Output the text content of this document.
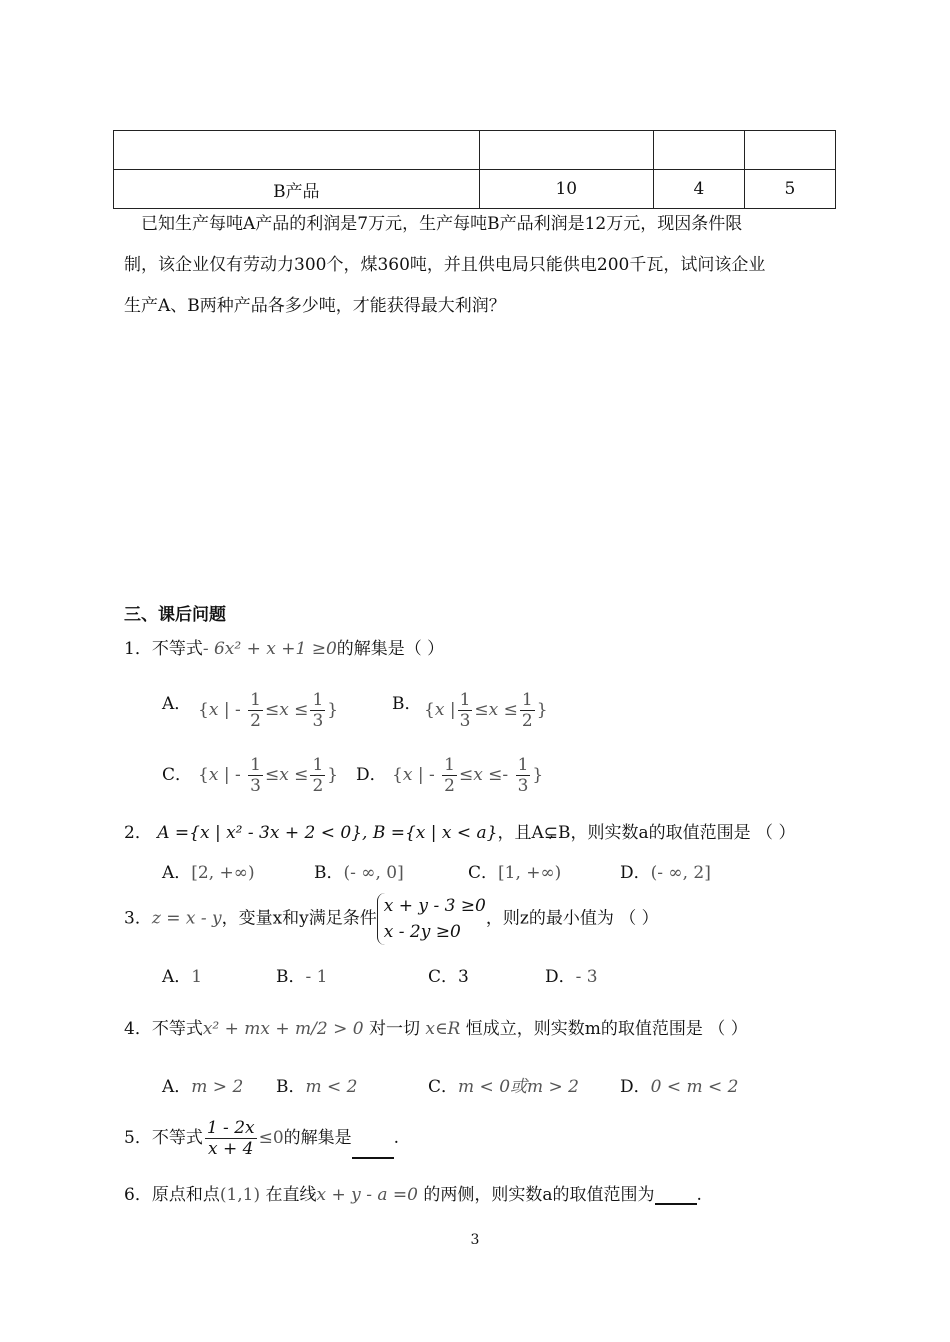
B产品	10	4	5

已知生产每吨A产品的利润是7万元，生产每吨B产品利润是12万元，现因条件限

制，该企业仅有劳动力300个，煤360吨，并且供电局只能供电200千瓦，试问该企业

生产A、B两种产品各多少吨，才能获得最大利润？

三、课后问题
1．不等式- 6x² + x +1 ≥0的解集是（ ）
A． {x | - $\frac{1}{2} \le x \le \frac{1}{3}$ }	B． {x | $\frac{1}{3} \le x \le \frac{1}{2}$ }
C． {x | - $\frac{1}{3} \le x \le \frac{1}{2}$ } D． {x | - $\frac{1}{2} \le x \le- \frac{1}{3}$ }
2． A ={x | x² - 3x + 2 < 0}, B ={x | x < a}，且A⊊B，则实数a的取值范围是 （ ）
A．[2, +∞)	B．(- ∞, 0]	C．[1, +∞)	D．(- ∞, 2]
3．z = x - y，变量x和y满足条件
x + y - 3 ≥0
x - 2y ≥0
，则z的最小值为 （ ）
A．1	B．- 1	C．3	D．- 3
4．不等式x² + mx + m/2 > 0 对一切 x∈R 恒成立，则实数m的取值范围是 （ ）
A．m > 2 B．m < 2	C．m < 0或m > 2 D．0 < m < 2
5．不等式 $\frac{1 - 2x}{x + 4} \le 0$的解集是 .
6．原点和点(1,1) 在直线x + y - a =0 的两侧，则实数a的取值范围为 .
3
